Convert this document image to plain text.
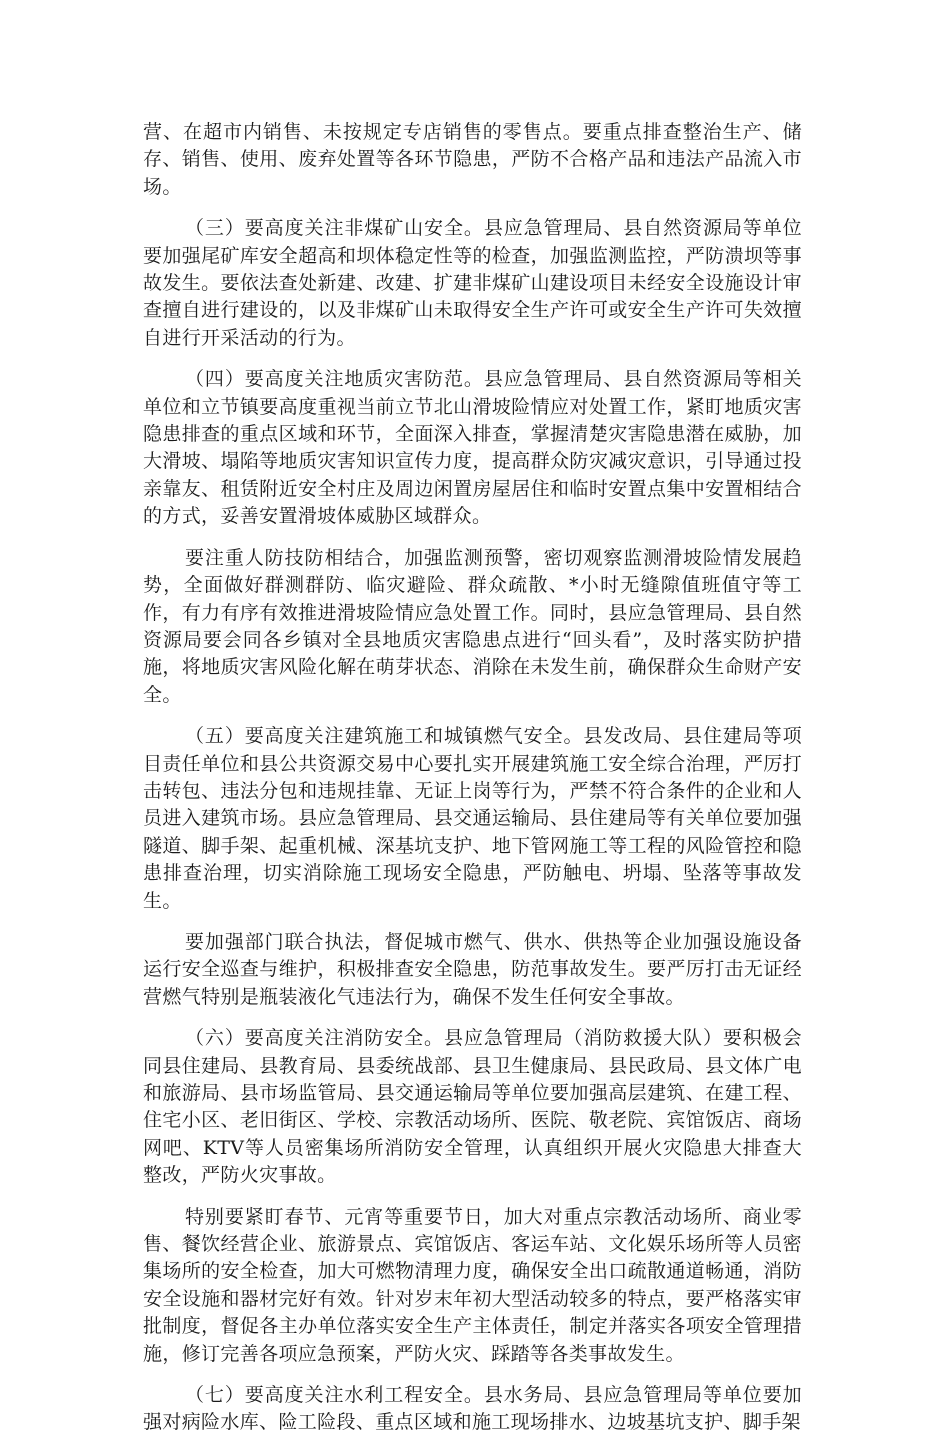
营、在超市内销售、未按规定专店销售的零售点。要重点排查整治生产、储存、销售、使用、废弃处置等各环节隐患，严防不合格产品和违法产品流入市场。

（三）要高度关注非煤矿山安全。县应急管理局、县自然资源局等单位要加强尾矿库安全超高和坝体稳定性等的检查，加强监测监控，严防溃坝等事故发生。要依法查处新建、改建、扩建非煤矿山建设项目未经安全设施设计审查擅自进行建设的，以及非煤矿山未取得安全生产许可或安全生产许可失效擅自进行开采活动的行为。

（四）要高度关注地质灾害防范。县应急管理局、县自然资源局等相关单位和立节镇要高度重视当前立节北山滑坡险情应对处置工作，紧盯地质灾害隐患排查的重点区域和环节，全面深入排查，掌握清楚灾害隐患潜在威胁，加大滑坡、塌陷等地质灾害知识宣传力度，提高群众防灾减灾意识，引导通过投亲靠友、租赁附近安全村庄及周边闲置房屋居住和临时安置点集中安置相结合的方式，妥善安置滑坡体威胁区域群众。

要注重人防技防相结合，加强监测预警，密切观察监测滑坡险情发展趋势，全面做好群测群防、临灾避险、群众疏散、*小时无缝隙值班值守等工作，有力有序有效推进滑坡险情应急处置工作。同时，县应急管理局、县自然资源局要会同各乡镇对全县地质灾害隐患点进行“回头看”，及时落实防护措施，将地质灾害风险化解在萌芽状态、消除在未发生前，确保群众生命财产安全。

（五）要高度关注建筑施工和城镇燃气安全。县发改局、县住建局等项目责任单位和县公共资源交易中心要扎实开展建筑施工安全综合治理，严厉打击转包、违法分包和违规挂靠、无证上岗等行为，严禁不符合条件的企业和人员进入建筑市场。县应急管理局、县交通运输局、县住建局等有关单位要加强隧道、脚手架、起重机械、深基坑支护、地下管网施工等工程的风险管控和隐患排查治理，切实消除施工现场安全隐患，严防触电、坍塌、坠落等事故发生。

要加强部门联合执法，督促城市燃气、供水、供热等企业加强设施设备运行安全巡查与维护，积极排查安全隐患，防范事故发生。要严厉打击无证经营燃气特别是瓶装液化气违法行为，确保不发生任何安全事故。

（六）要高度关注消防安全。县应急管理局（消防救援大队）要积极会同县住建局、县教育局、县委统战部、县卫生健康局、县民政局、县文体广电和旅游局、县市场监管局、县交通运输局等单位要加强高层建筑、在建工程、住宅小区、老旧街区、学校、宗教活动场所、医院、敬老院、宾馆饭店、商场网吧、KTV等人员密集场所消防安全管理，认真组织开展火灾隐患大排查大整改，严防火灾事故。

特别要紧盯春节、元宵等重要节日，加大对重点宗教活动场所、商业零售、餐饮经营企业、旅游景点、宾馆饭店、客运车站、文化娱乐场所等人员密集场所的安全检查，加大可燃物清理力度，确保安全出口疏散通道畅通，消防安全设施和器材完好有效。针对岁末年初大型活动较多的特点，要严格落实审批制度，督促各主办单位落实安全生产主体责任，制定并落实各项安全管理措施，修订完善各项应急预案，严防火灾、踩踏等各类事故发生。

（七）要高度关注水利工程安全。县水务局、县应急管理局等单位要加强对病险水库、险工险段、重点区域和施工现场排水、边坡基坑支护、脚手架
